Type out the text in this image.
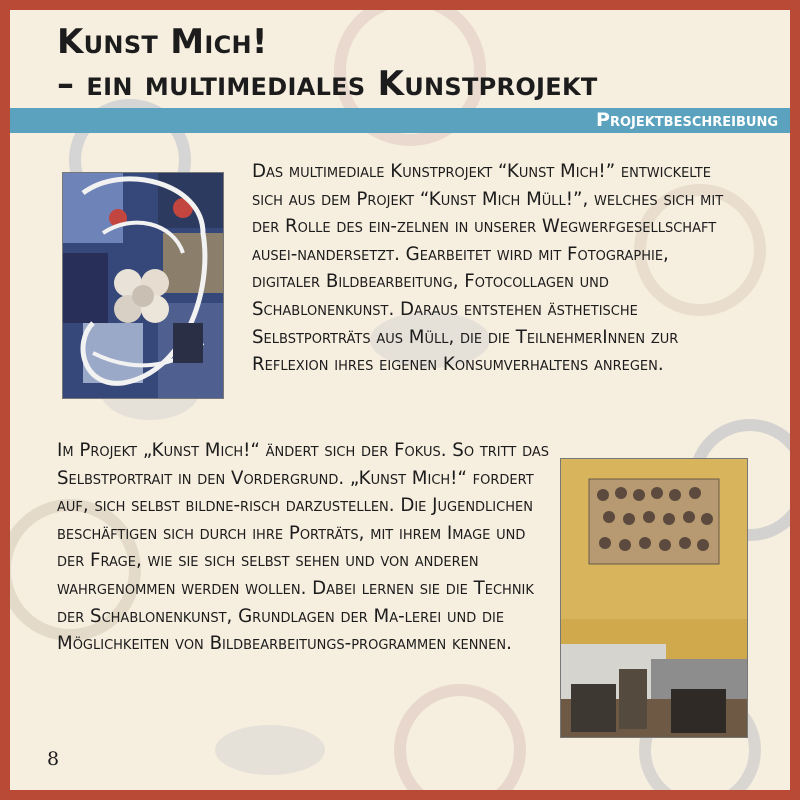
Kunst Mich!
– ein multimediales Kunstprojekt
Projektbeschreibung

Das multimediale Kunstprojekt “Kunst Mich!” entwickelte sich aus dem Projekt “Kunst Mich Müll!”, welches sich mit der Rolle des ein-zelnen in unserer Wegwerfgesellschaft ausei-nandersetzt. Gearbeitet wird mit Fotographie, digitaler Bildbearbeitung, Fotocollagen und Schablonenkunst. Daraus entstehen ästhetische Selbstporträts aus Müll, die die TeilnehmerInnen zur Reflexion ihres eigenen Konsumverhaltens anregen.

Im Projekt „Kunst Mich!“ ändert sich der Fokus. So tritt das Selbstportrait in den Vordergrund. „Kunst Mich!“ fordert auf, sich selbst bildne-risch darzustellen. Die Jugendlichen beschäftigen sich durch ihre Porträts, mit ihrem Image und der Frage, wie sie sich selbst sehen und von anderen wahrgenommen werden wollen. Dabei lernen sie die Technik der Schablonenkunst, Grundlagen der Ma-lerei und die Möglichkeiten von Bildbearbeitungs-programmen kennen.

8
